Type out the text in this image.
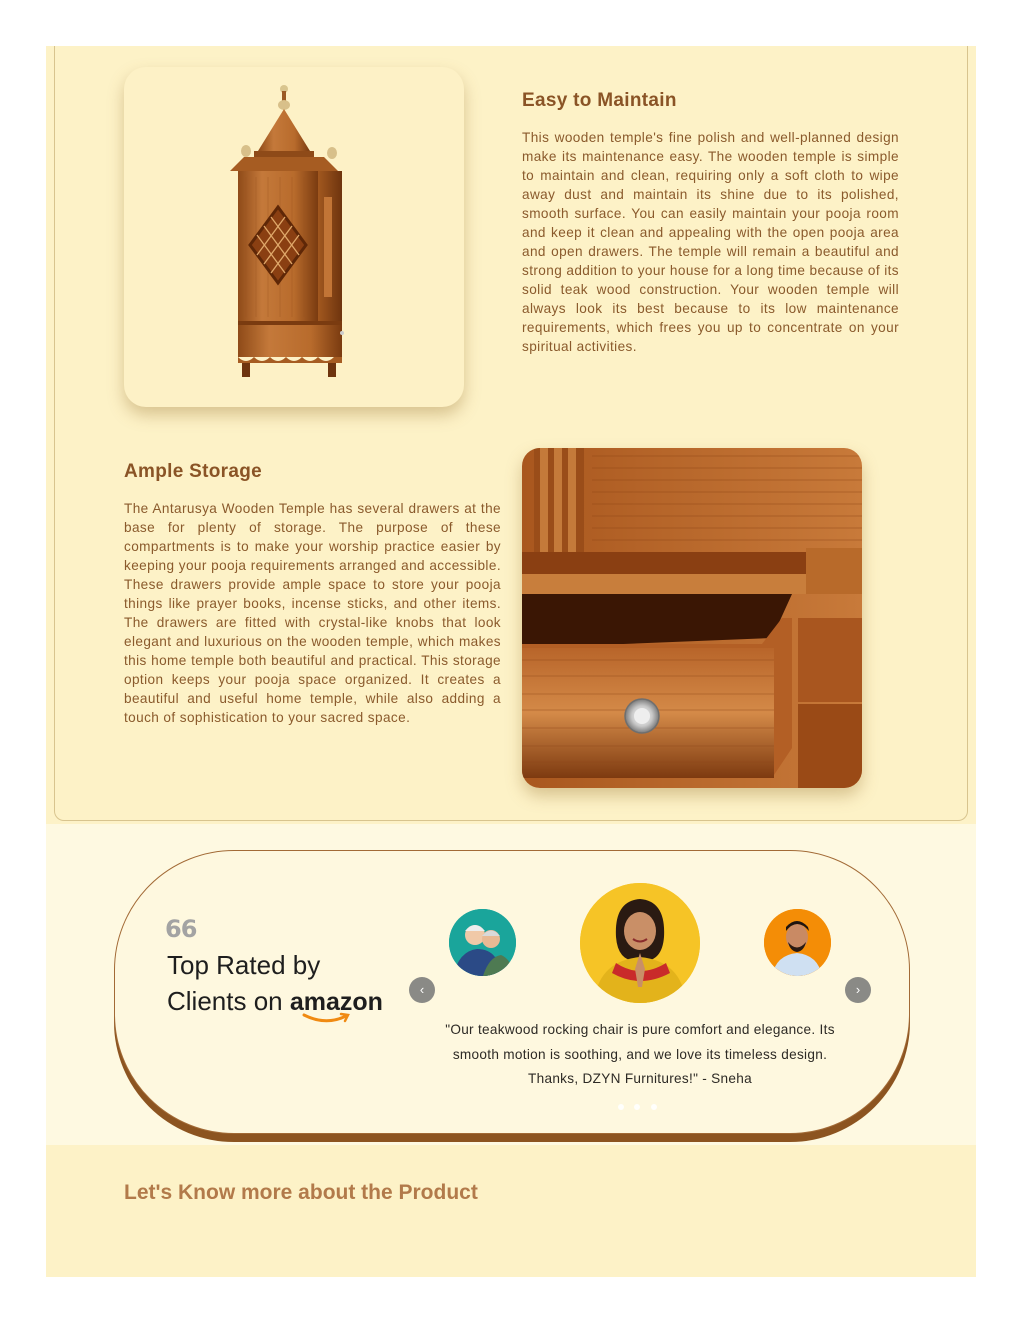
Easy to Maintain

This wooden temple's fine polish and well-planned design make its maintenance easy. The wooden temple is simple to maintain and clean, requiring only a soft cloth to wipe away dust and maintain its shine due to its polished, smooth surface. You can easily maintain your pooja room and keep it clean and appealing with the open pooja area and open drawers. The temple will remain a beautiful and strong addition to your house for a long time because of its solid teak wood construction. Your wooden temple will always look its best because to its low maintenance requirements, which frees you up to concentrate on your spiritual activities.

Ample Storage

The Antarusya Wooden Temple has several drawers at the base for plenty of storage. The purpose of these compartments is to make your worship practice easier by keeping your pooja requirements arranged and accessible. These drawers provide ample space to store your pooja things like prayer books, incense sticks, and other items. The drawers are fitted with crystal-like knobs that look elegant and luxurious on the wooden temple, which makes this home temple both beautiful and practical. This storage option keeps your pooja space organized. It creates a beautiful and useful home temple, while also adding a touch of sophistication to your sacred space.

66
Top Rated by
Clients on amazon	‹	›
"Our teakwood rocking chair is pure comfort and elegance. Its smooth motion is soothing, and we love its timeless design. Thanks, DZYN Furnitures!" - Sneha

Let's Know more about the Product
